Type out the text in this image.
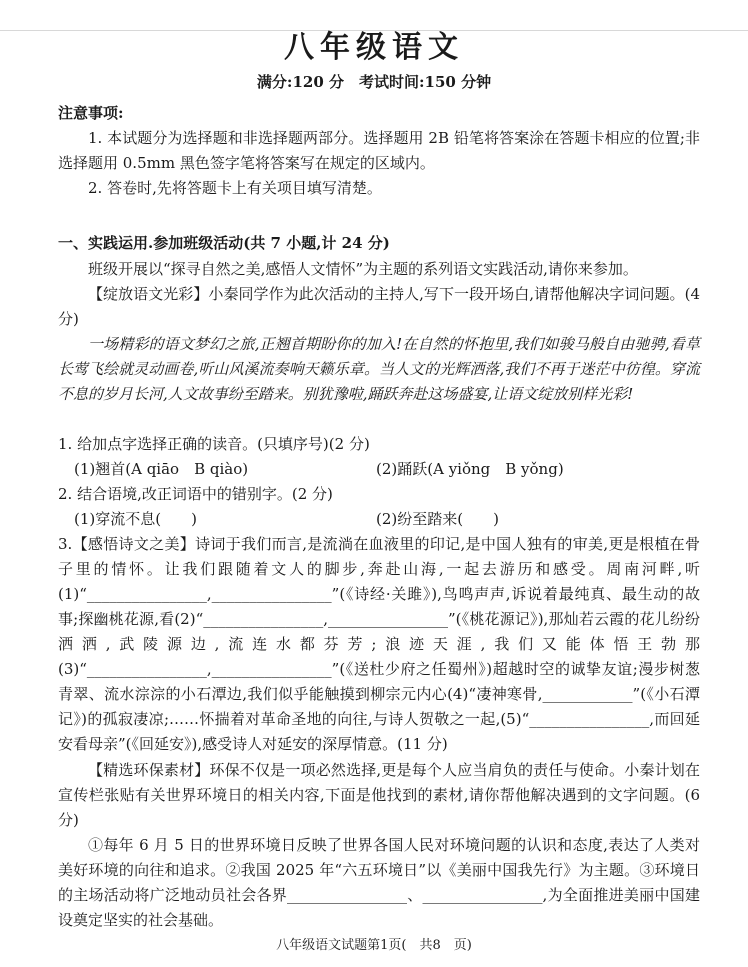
八年级语文
满分:120 分　考试时间:150 分钟
注意事项:
1. 本试题分为选择题和非选择题两部分。选择题用 2B 铅笔将答案涂在答题卡相应的位置;非选择题用 0.5mm 黑色签字笔将答案写在规定的区域内。
2. 答卷时,先将答题卡上有关项目填写清楚。
一、实践运用.参加班级活动(共 7 小题,计 24 分)
班级开展以“探寻自然之美,感悟人文情怀”为主题的系列语文实践活动,请你来参加。
【绽放语文光彩】小秦同学作为此次活动的主持人,写下一段开场白,请帮他解决字词问题。(4 分)
一场精彩的语文梦幻之旅,正翘首期盼你的加入!在自然的怀抱里,我们如骏马般自由驰骋,看草长莺飞绘就灵动画卷,听山风溪流奏响天籁乐章。当人文的光辉洒落,我们不再于迷茫中彷徨。穿流不息的岁月长河,人文故事纷至踏来。别犹豫啦,踊跃奔赴这场盛宴,让语文绽放别样光彩!
1. 给加点字选择正确的读音。(只填序号)(2 分)
(1)翘首(A qiāo　B qiào)	(2)踊跃(A yiǒng　B yǒng)
2. 结合语境,改正词语中的错别字。(2 分)
(1)穿流不息(　　)	(2)纷至踏来(　　)
3.【感悟诗文之美】诗词于我们而言,是流淌在血液里的印记,是中国人独有的审美,更是根植在骨子里的情怀。让我们跟随着文人的脚步,奔赴山海,一起去游历和感受。周南河畔,听(1)“________________,________________”(《诗经·关雎》),鸟鸣声声,诉说着最纯真、最生动的故事;探幽桃花源,看(2)“________________,________________”(《桃花源记》),那灿若云霞的花儿纷纷洒洒,武陵源边,流连水都芬芳;浪迹天涯,我们又能体悟王勃那(3)“________________,________________”(《送杜少府之任蜀州》)超越时空的诚挚友谊;漫步树葱青翠、流水淙淙的小石潭边,我们似乎能触摸到柳宗元内心(4)“凄神寒骨,____________”(《小石潭记》)的孤寂凄凉;……怀揣着对革命圣地的向往,与诗人贺敬之一起,(5)“________________,而回延安看母亲”(《回延安》),感受诗人对延安的深厚情意。(11 分)
【精选环保素材】环保不仅是一项必然选择,更是每个人应当肩负的责任与使命。小秦计划在宣传栏张贴有关世界环境日的相关内容,下面是他找到的素材,请你帮他解决遇到的文字问题。(6 分)
①每年 6 月 5 日的世界环境日反映了世界各国人民对环境问题的认识和态度,表达了人类对美好环境的向往和追求。②我国 2025 年“六五环境日”以《美丽中国我先行》为主题。③环境日的主场活动将广泛地动员社会各界________________、________________,为全面推进美丽中国建设奠定坚实的社会基础。
八年级语文试题第1页(　共8　页)
